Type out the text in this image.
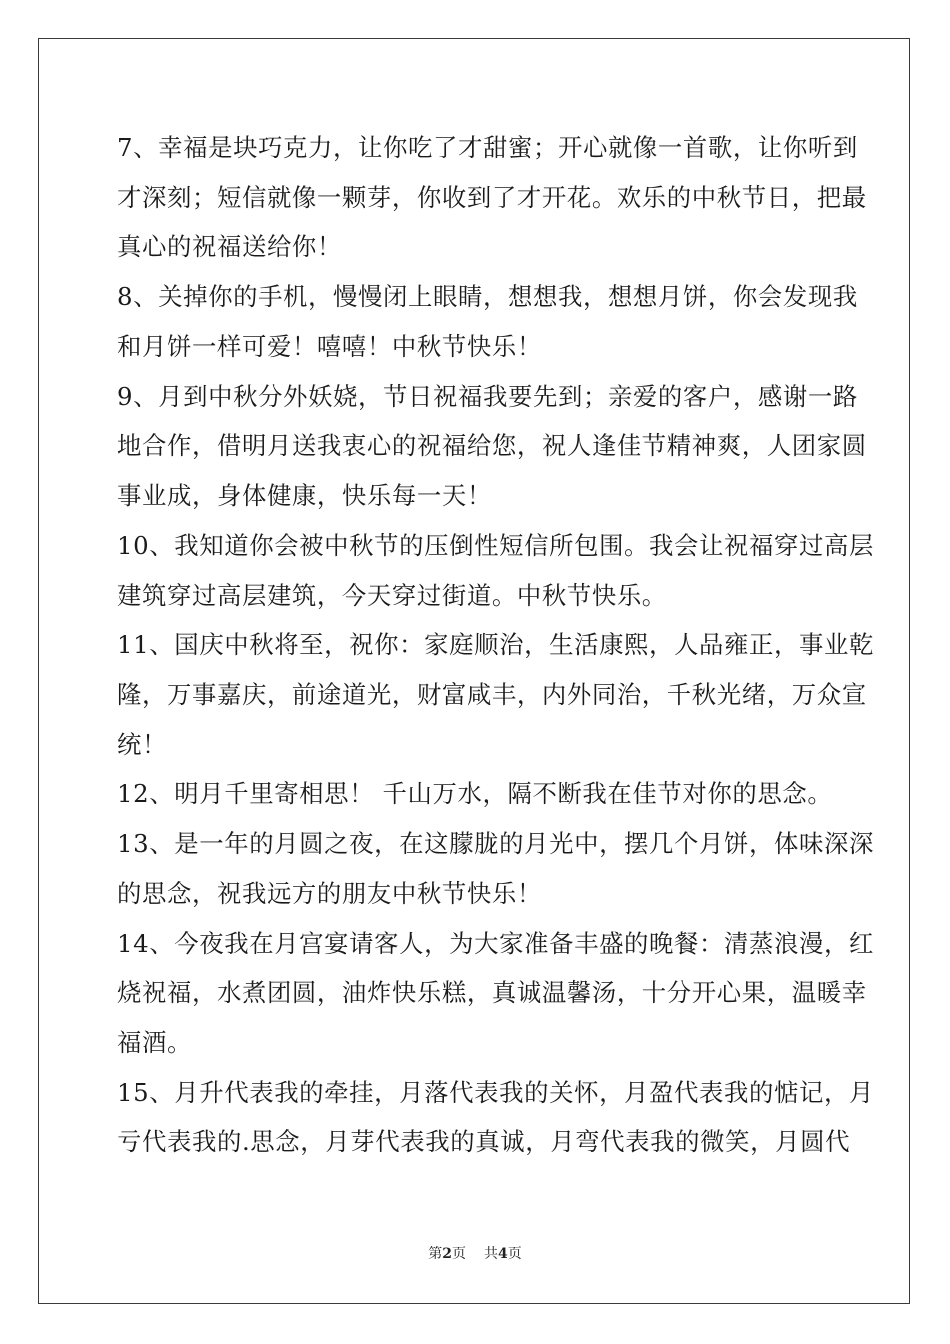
7、幸福是块巧克力，让你吃了才甜蜜；开心就像一首歌，让你听到
才深刻；短信就像一颗芽，你收到了才开花。欢乐的中秋节日，把最
真心的祝福送给你！
8、关掉你的手机，慢慢闭上眼睛，想想我，想想月饼，你会发现我
和月饼一样可爱！嘻嘻！中秋节快乐！
9、月到中秋分外妖娆，节日祝福我要先到；亲爱的客户，感谢一路
地合作，借明月送我衷心的祝福给您，祝人逢佳节精神爽，人团家圆
事业成，身体健康，快乐每一天！
10、我知道你会被中秋节的压倒性短信所包围。我会让祝福穿过高层
建筑穿过高层建筑，今天穿过街道。中秋节快乐。
11、国庆中秋将至，祝你：家庭顺治，生活康熙，人品雍正，事业乾
隆，万事嘉庆，前途道光，财富咸丰，内外同治，千秋光绪，万众宣
统！
12、明月千里寄相思！ 千山万水，隔不断我在佳节对你的思念。
13、是一年的月圆之夜，在这朦胧的月光中，摆几个月饼，体味深深
的思念，祝我远方的朋友中秋节快乐！
14、今夜我在月宫宴请客人，为大家准备丰盛的晚餐：清蒸浪漫，红
烧祝福，水煮团圆，油炸快乐糕，真诚温馨汤，十分开心果，温暖幸
福酒。
15、月升代表我的牵挂，月落代表我的关怀，月盈代表我的惦记，月
亏代表我的.思念，月芽代表我的真诚，月弯代表我的微笑，月圆代
第2页 共4页
